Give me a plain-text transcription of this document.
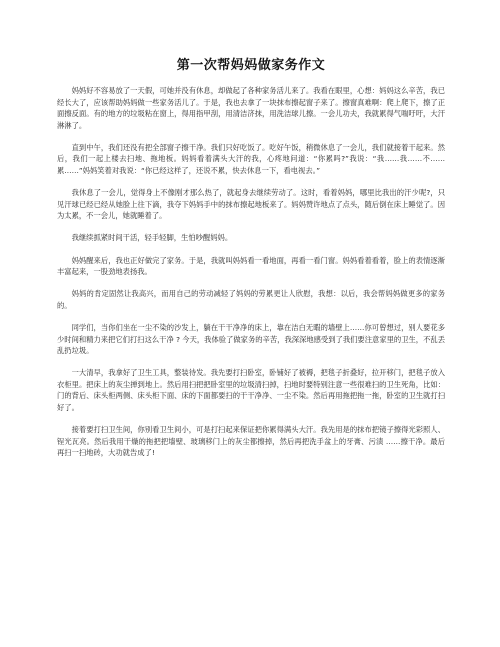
第一次帮妈妈做家务作文

妈妈好不容易放了一天假，可她并没有休息，却做起了各种家务活儿来了。我看在眼里，心想：妈妈这么辛苦，我已经长大了，应该帮助妈妈做一些家务活儿了。于是，我也去拿了一块抹布擦起窗子来了。擦窗真难啊：爬上爬下，擦了正面擦反面。有的地方的垃圾粘在窗上，得用指甲刮，用清洁济抹，用洗洁球儿擦。一会儿功夫，我就累得气喘吁吁，大汗淋淋了。

直到中午，我们还没有把全部窗子擦干净。我们只好吃饭了。吃好午饭，稍微休息了一会儿，我们就接着干起来。然后，我们一起上楼去扫地、拖地板。妈妈看着满头大汗的我，心疼地问道：“你累吗?”我说：“我……我……不……累……”妈妈笑着对我说：“你已经这样了，还说不累，快去休息一下，看电视去。”

我休息了一会儿，觉得身上不像刚才那么热了，就起身去继续劳动了。这时，看着妈妈，哪里比我出的汗少呢?，只见汗球已经已经从她脸上往下滴，我夺下妈妈手中的抹布擦起地板来了。妈妈赞许地点了点头，随后倒在床上睡觉了。因为太累，不一会儿，她就睡着了。

我继续抓紧时间干活，轻手轻脚，生怕吵醒妈妈。

妈妈醒来后，我也正好做完了家务。于是，我就叫妈妈看一看地面，再看一看门窗。妈妈看着看着，脸上的表情逐渐丰富起来，一股劲地表扬我。

妈妈的肯定固然让我高兴，而用自己的劳动减轻了妈妈的劳累更让人欣慰，我想：以后，我会帮妈妈做更多的家务的。

同学们，当你们坐在一尘不染的沙发上，躺在干干净净的床上，靠在洁白无暇的墙壁上……你可曾想过，别人要花多少时间和精力来把它们打扫这么干净 ? 今天，我体验了做家务的辛苦，我深深地感受到了我们要注意家里的卫生，不乱丢乱扔垃圾。

一大清早，我拿好了卫生工具，整装待发。我先要打扫卧室，卧铺好了被褥，把毯子折叠好，拉开移门，把毯子放入衣柜里。把床上的灰尘掸到地上。然后用扫把把卧室里的垃圾清扫掉，扫地时要特别注意一些很难扫的卫生死角，比如：门的背后、床头柜两侧、床头柜下面、床的下面都要扫的干干净净、一尘不染。然后再用拖把拖一拖，卧室的卫生就打扫好了。

接着要打扫卫生间，你别看卫生间小，可是打扫起来保证把你累得满头大汗。我先用是的抹布把镜子擦得光彩照人、锃光瓦亮。然后我用干燥的拖把把墙壁、玻璃移门上的灰尘都擦掉，然后再把洗手盆上的牙膏、污渍 ……擦干净。最后再扫一扫地砖，大功就告成了!
